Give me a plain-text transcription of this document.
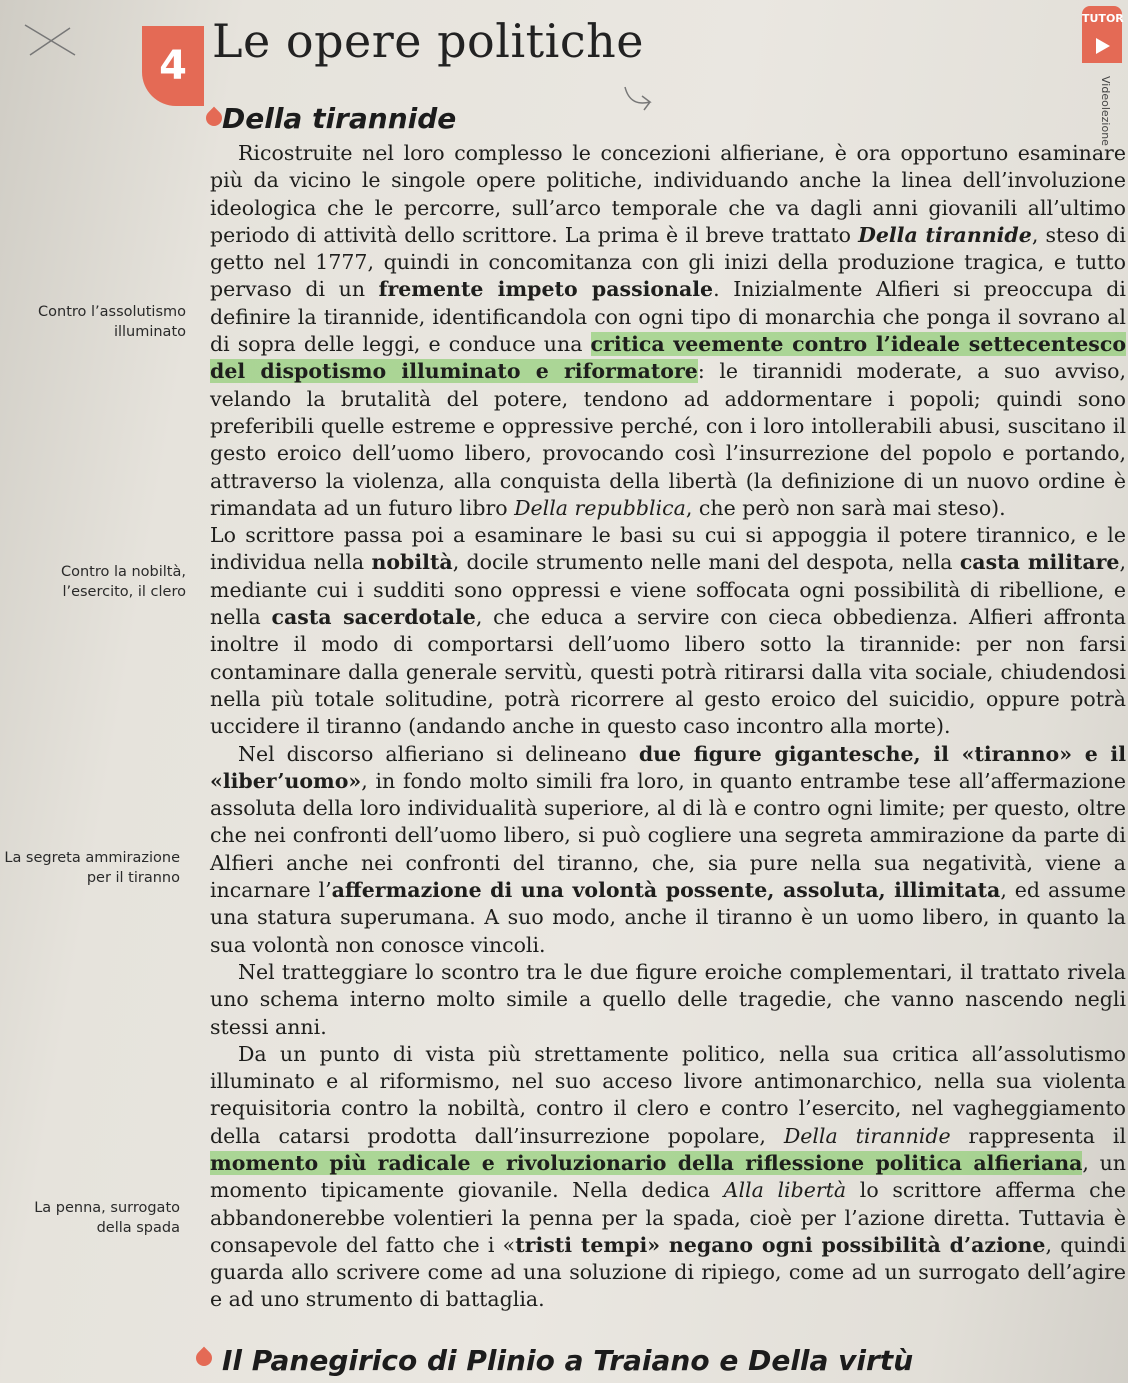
4 Le opere politiche	TUTOR
Videolezione
Della tirannide
Contro l’assolutismo illuminato
Contro la nobiltà, l’esercito, il clero
La segreta ammirazione per il tiranno
La penna, surrogato della spada

Ricostruite nel loro complesso le concezioni alfieriane, è ora opportuno esaminare più da vicino le singole opere politiche, individuando anche la linea dell’involuzione ideologica che le percorre, sull’arco temporale che va dagli anni giovanili all’ultimo periodo di attività dello scrittore. La prima è il breve trattato Della tirannide, steso di getto nel 1777, quindi in concomitanza con gli inizi della produzione tragica, e tutto pervaso di un fremente impeto passionale. Inizialmente Alfieri si preoccupa di definire la tirannide, identificandola con ogni tipo di monarchia che ponga il sovrano al di sopra delle leggi, e conduce una critica veemente contro l’ideale settecentesco del dispotismo illuminato e riformatore: le tirannidi moderate, a suo avviso, velando la brutalità del potere, tendono ad addormentare i popoli; quindi sono preferibili quelle estreme e oppressive perché, con i loro intollerabili abusi, suscitano il gesto eroico dell’uomo libero, provocando così l’insurrezione del popolo e portando, attraverso la violenza, alla conquista della libertà (la definizione di un nuovo ordine è rimandata ad un futuro libro Della repubblica, che però non sarà mai steso).

Lo scrittore passa poi a esaminare le basi su cui si appoggia il potere tirannico, e le individua nella nobiltà, docile strumento nelle mani del despota, nella casta militare, mediante cui i sudditi sono oppressi e viene soffocata ogni possibilità di ribellione, e nella casta sacerdotale, che educa a servire con cieca obbedienza. Alfieri affronta inoltre il modo di comportarsi dell’uomo libero sotto la tirannide: per non farsi contaminare dalla generale servitù, questi potrà ritirarsi dalla vita sociale, chiudendosi nella più totale solitudine, potrà ricorrere al gesto eroico del suicidio, oppure potrà uccidere il tiranno (andando anche in questo caso incontro alla morte).

Nel discorso alfieriano si delineano due figure gigantesche, il «tiranno» e il «liber’uomo», in fondo molto simili fra loro, in quanto entrambe tese all’affermazione assoluta della loro individualità superiore, al di là e contro ogni limite; per questo, oltre che nei confronti dell’uomo libero, si può cogliere una segreta ammirazione da parte di Alfieri anche nei confronti del tiranno, che, sia pure nella sua negatività, viene a incarnare l’affermazione di una volontà possente, assoluta, illimitata, ed assume una statura superumana. A suo modo, anche il tiranno è un uomo libero, in quanto la sua volontà non conosce vincoli.

Nel tratteggiare lo scontro tra le due figure eroiche complementari, il trattato rivela uno schema interno molto simile a quello delle tragedie, che vanno nascendo negli stessi anni.

Da un punto di vista più strettamente politico, nella sua critica all’assolutismo illuminato e al riformismo, nel suo acceso livore antimonarchico, nella sua violenta requisitoria contro la nobiltà, contro il clero e contro l’esercito, nel vagheggiamento della catarsi prodotta dall’insurrezione popolare, Della tirannide rappresenta il momento più radicale e rivoluzionario della riflessione politica alfieriana, un momento tipicamente giovanile. Nella dedica Alla libertà lo scrittore afferma che abbandonerebbe volentieri la penna per la spada, cioè per l’azione diretta. Tuttavia è consapevole del fatto che i «tristi tempi» negano ogni possibilità d’azione, quindi guarda allo scrivere come ad una soluzione di ripiego, come ad un surrogato dell’agire e ad uno strumento di battaglia.

Il Panegirico di Plinio a Traiano e Della virtù
